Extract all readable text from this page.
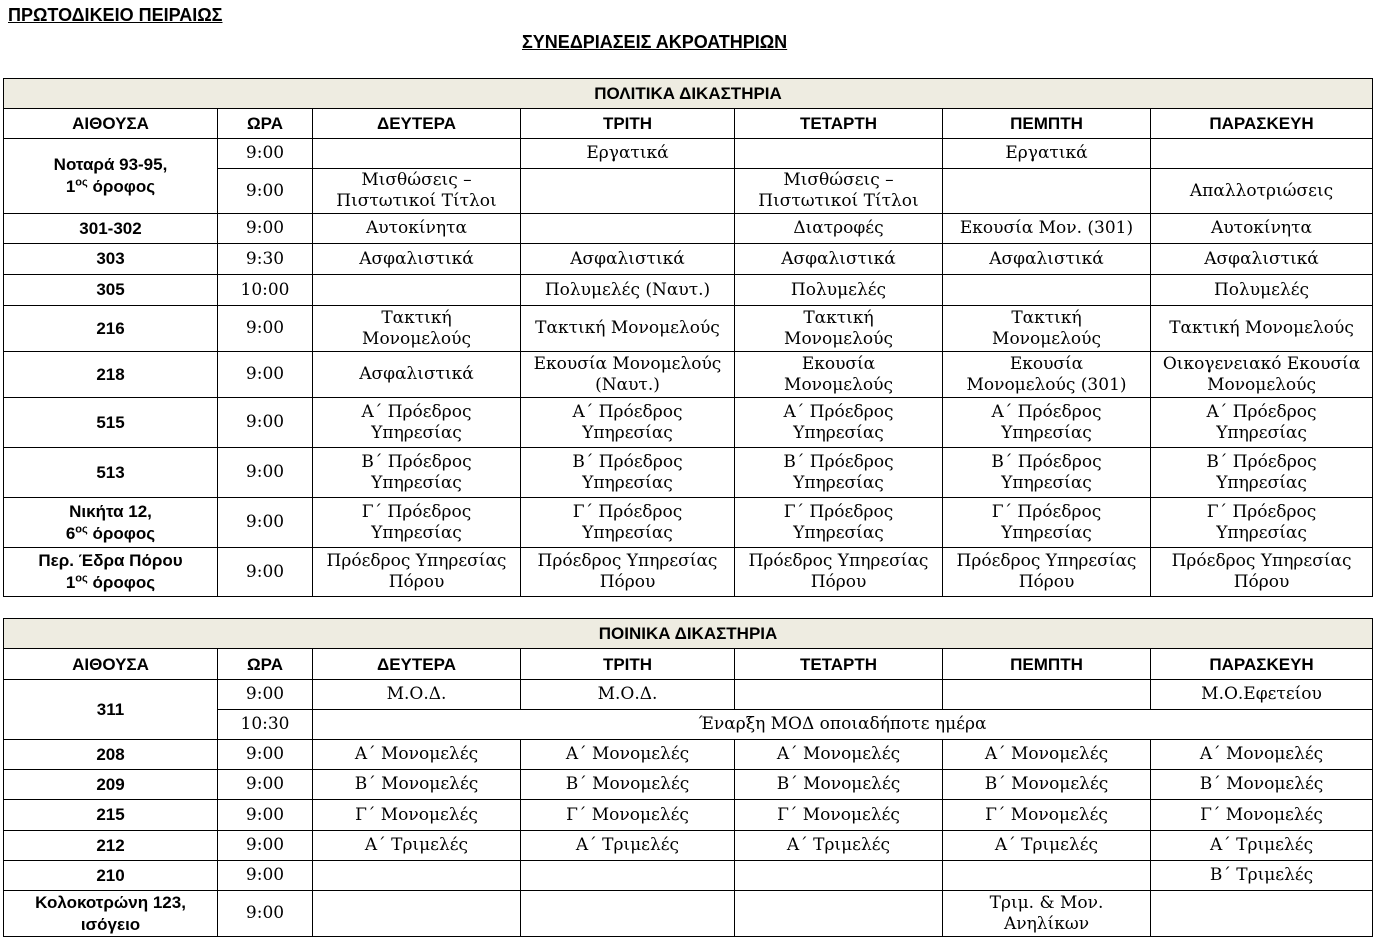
ΠΡΩΤΟΔΙΚΕΙΟ ΠΕΙΡΑΙΩΣ
ΣΥΝΕΔΡΙΑΣΕΙΣ ΑΚΡΟΑΤΗΡΙΩΝ
ΠΟΛΙΤΙΚΑ ΔΙΚΑΣΤΗΡΙΑ						
ΑΙΘΟΥΣΑ	ΩΡΑ	ΔΕΥΤΕΡΑ	ΤΡΙΤΗ	ΤΕΤΑΡΤΗ	ΠΕΜΠΤΗ	ΠΑΡΑΣΚΕΥΗ
Νοταρά 93-95,
$1^{o\varsigma}$ όροφος	9:00		Εργατικά		Εργατικά	
	9:00	Μισθώσεις – Πιστωτικοί Τίτλοι		Μισθώσεις – Πιστωτικοί Τίτλοι		Απαλλοτριώσεις
301-302	9:00	Αυτοκίνητα		Διατροφές	Εκουσία Μον. (301)	Αυτοκίνητα
303	9:30	Ασφαλιστικά	Ασφαλιστικά	Ασφαλιστικά	Ασφαλιστικά	Ασφαλιστικά
305	10:00		Πολυμελές (Ναυτ.)	Πολυμελές		Πολυμελές
216	9:00	Τακτική Μονομελούς	Τακτική Μονομελούς	Τακτική Μονομελούς	Τακτική Μονομελούς	Τακτική Μονομελούς
218	9:00	Ασφαλιστικά	Εκουσία Μονομελούς (Ναυτ.)	Εκουσία Μονομελούς	Εκουσία Μονομελούς (301)	Οικογενειακό Εκουσία Μονομελούς
515	9:00	Α΄ Πρόεδρος Υπηρεσίας	Α΄ Πρόεδρος Υπηρεσίας	Α΄ Πρόεδρος Υπηρεσίας	Α΄ Πρόεδρος Υπηρεσίας	Α΄ Πρόεδρος Υπηρεσίας
513	9:00	Β΄ Πρόεδρος Υπηρεσίας	Β΄ Πρόεδρος Υπηρεσίας	Β΄ Πρόεδρος Υπηρεσίας	Β΄ Πρόεδρος Υπηρεσίας	Β΄ Πρόεδρος Υπηρεσίας
Νικήτα 12,
$6^{o\varsigma}$ όροφος	9:00	Γ΄ Πρόεδρος Υπηρεσίας	Γ΄ Πρόεδρος Υπηρεσίας	Γ΄ Πρόεδρος Υπηρεσίας	Γ΄ Πρόεδρος Υπηρεσίας	Γ΄ Πρόεδρος Υπηρεσίας
Περ. Έδρα Πόρου
$1^{o\varsigma}$ όροφος	9:00	Πρόεδρος Υπηρεσίας Πόρου	Πρόεδρος Υπηρεσίας Πόρου	Πρόεδρος Υπηρεσίας Πόρου	Πρόεδρος Υπηρεσίας Πόρου	Πρόεδρος Υπηρεσίας Πόρου
ΠΟΙΝΙΚΑ ΔΙΚΑΣΤΗΡΙΑ						
ΑΙΘΟΥΣΑ	ΩΡΑ	ΔΕΥΤΕΡΑ	ΤΡΙΤΗ	ΤΕΤΑΡΤΗ	ΠΕΜΠΤΗ	ΠΑΡΑΣΚΕΥΗ
311	9:00	Μ.Ο.Δ.	Μ.Ο.Δ.			Μ.Ο.Εφετείου
	10:30	Έναρξη ΜΟΔ οποιαδήποτε ημέρα				
208	9:00	Α΄ Μονομελές	Α΄ Μονομελές	Α΄ Μονομελές	Α΄ Μονομελές	Α΄ Μονομελές
209	9:00	Β΄ Μονομελές	Β΄ Μονομελές	Β΄ Μονομελές	Β΄ Μονομελές	Β΄ Μονομελές
215	9:00	Γ΄ Μονομελές	Γ΄ Μονομελές	Γ΄ Μονομελές	Γ΄ Μονομελές	Γ΄ Μονομελές
212	9:00	Α΄ Τριμελές	Α΄ Τριμελές	Α΄ Τριμελές	Α΄ Τριμελές	Α΄ Τριμελές
210	9:00					Β΄ Τριμελές
Κολοκοτρώνη 123,
ισόγειο	9:00				Τριμ. & Μον. Ανηλίκων	
